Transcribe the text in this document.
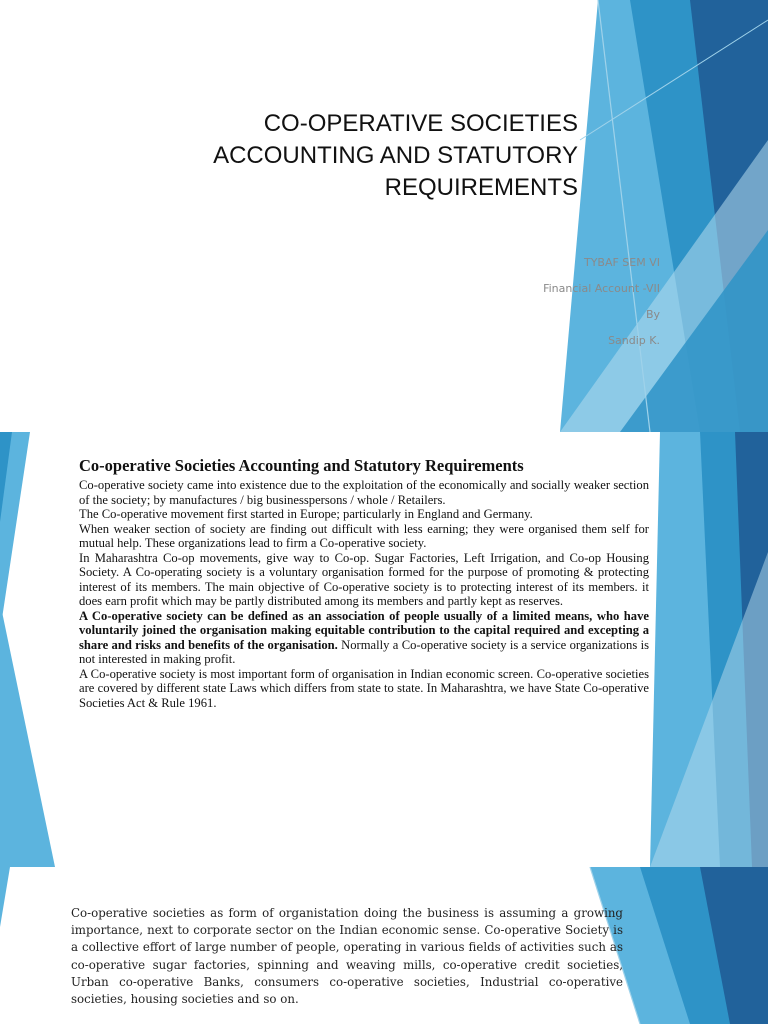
CO-OPERATIVE SOCIETIES
ACCOUNTING AND STATUTORY
REQUIREMENTS
TYBAF SEM VI
Financial Account -VII
By
Sandip K.
Co-operative Societies Accounting and Statutory Requirements

Co-operative society came into existence due to the exploitation of the economically and socially weaker section of the society; by manufactures / big businesspersons / whole / Retailers.

The Co-operative movement first started in Europe; particularly in England and Germany.

When weaker section of society are finding out difficult with less earning; they were organised them self for mutual help. These organizations lead to firm a Co-operative society.

In Maharashtra Co-op movements, give way to Co-op. Sugar Factories, Left Irrigation, and Co-op Housing Society. A Co-operating society is a voluntary organisation formed for the purpose of promoting & protecting interest of its members. The main objective of Co-operative society is to protecting interest of its members. it does earn profit which may be partly distributed among its members and partly kept as reserves.

A Co-operative society can be defined as an association of people usually of a limited means, who have voluntarily joined the organisation making equitable contribution to the capital required and excepting a share and risks and benefits of the organisation. Normally a Co-operative society is a service organizations is not interested in making profit.

A Co-operative society is most important form of organisation in Indian economic screen. Co-operative societies are covered by different state Laws which differs from state to state. In Maharashtra, we have State Co-operative Societies Act & Rule 1961.

Co-operative societies as form of organistation doing the business is assuming a growing importance, next to corporate sector on the Indian economic sense. Co-operative Society is a collective effort of large number of people, operating in various fields of activities such as co-operative sugar factories, spinning and weaving mills, co-operative credit societies, Urban co-operative Banks, consumers co-operative societies, Industrial co-operative societies, housing societies and so on.
